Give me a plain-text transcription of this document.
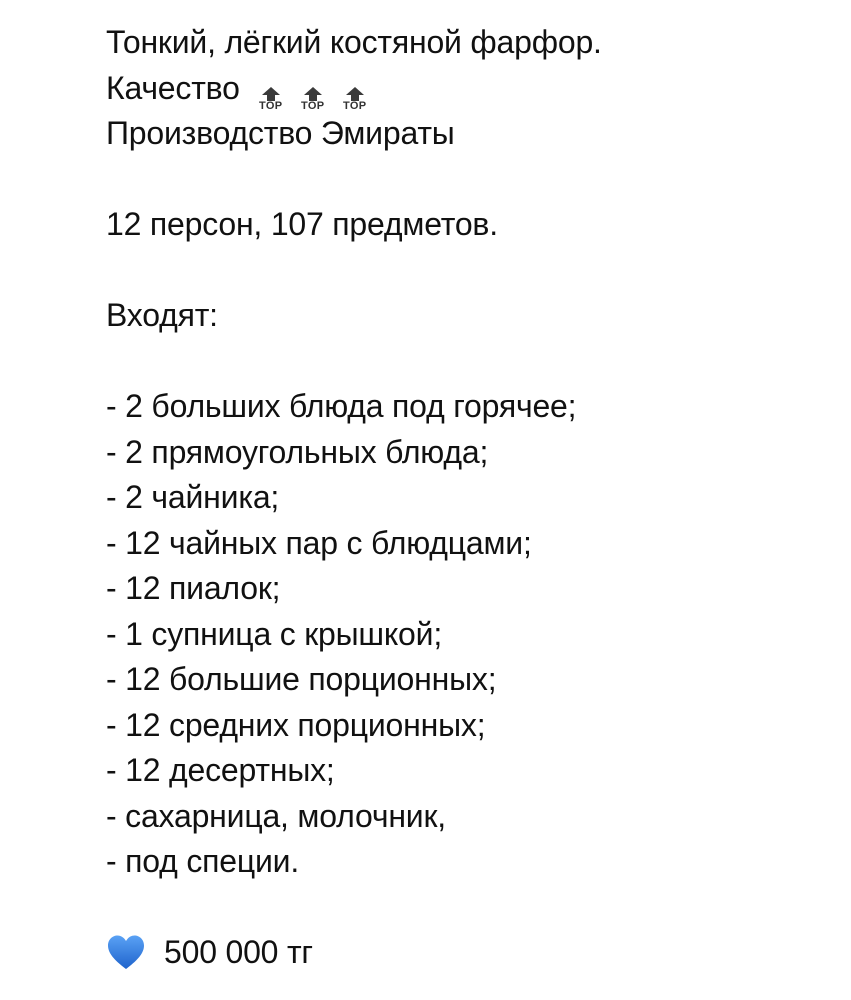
Тонкий, лёгкий костяной фарфор.
Качество TOP TOP TOP
Производство Эмираты
12 персон, 107 предметов.
Входят:
- 2 больших блюда под горячее;
- 2 прямоугольных блюда;
- 2 чайника;
- 12 чайных пар с блюдцами;
- 12 пиалок;
- 1 супница с крышкой;
- 12 большие порционных;
- 12 средних порционных;
- 12 десертных;
- сахарница, молочник,
- под специи.
500 000 тг
